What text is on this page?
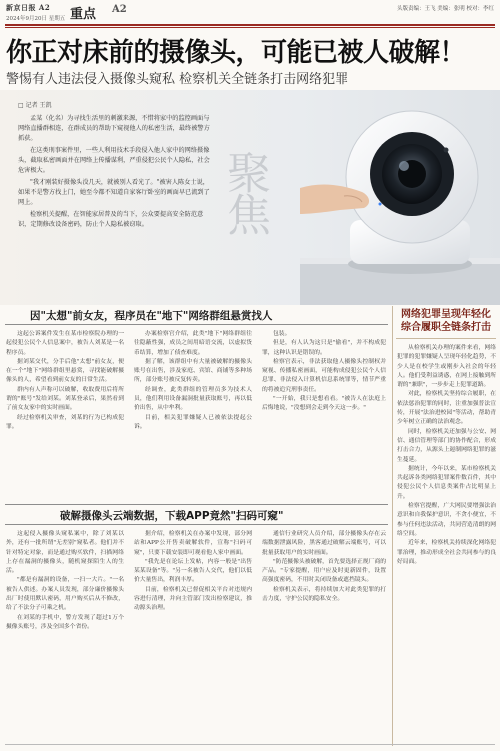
新京日报 A2
2024年9月20日 星期五 重点 A2	头版责编：王飞 美编：张明 校对：李红
你正对床前的摄像头，可能已被人破解！
警惕有人违法侵入摄像头窥私 检察机关全链条打击网络犯罪
□ 记者 王凯

孟某（化名）为寻找生活里的刺激来源，不惜将家中的监控画面与网络直播群相连，在群成员的帮助下窥视他人的私密生活，最终被警方抓获。

在这类刑事案件里，一些人利用技术手段侵入他人家中的网络摄像头，截取私密画面并在网络上传播谋利，严重侵犯公民个人隐私，社会危害极大。

"我才刚装好摄像头没几天，就被别人看光了。"被害人陈女士说，如果不是警方找上门，她至今都不知道自家客厅卧室的画面早已流到了网上。

检察机关提醒，在智能家居普及的当下，公众要提高安全防范意识，定期修改设备密码，防止个人隐私被窃取。	聚焦
因"太想"前女友，程序员在"地下"网络群组悬赏找人

这起公诉案件发生在某市检察院办理的一起侵犯公民个人信息案中，被告人刘某是一名程序员。

据刘某交代，分手后他"太想"前女友，便在一个"地下"网络群组里悬赏，寻找能破解摄像头的人，希望看到前女友的日常生活。

群内有人声称可以破解，收取费用后将所谓的"账号"发给刘某。刘某登录后，果然看到了前女友家中的实时画面。

经过检察机关审查，刘某的行为已构成犯罪。

办案检察官介绍，此类"地下"网络群组往往隐蔽性强，成员之间用暗语交流，以虚拟货币结算，增加了侦查难度。

据了解，该群组中有大量被破解的摄像头账号在出售，涉及家庭、宾馆、商铺等多种场所，部分账号被反复转卖。

经调查，此类群组的管理员多为技术人员，他们利用设备漏洞批量获取账号，再以低价出售，从中牟利。

目前，相关犯罪嫌疑人已被依法提起公诉。

包装。

但是，有人认为这只是"偷看"，并不构成犯罪，这种认识是错误的。

检察官表示，非法获取他人摄像头控制权并窥视、传播私密画面，可能构成侵犯公民个人信息罪、非法侵入计算机信息系统罪等，情节严重的将被追究刑事责任。

"一开始，我只是想看看。"被告人在法庭上后悔地说，"没想到会走到今天这一步。"

破解摄像头云端数据，下载APP竟然"扫码可窥"

这起侵入摄像头窥私案中，除了刘某以外，还有一批所谓"无差别"窥私者。他们并不针对特定对象，而是通过购买软件，扫描网络上存在漏洞的摄像头，随机窥探陌生人的生活。

"都是有漏洞的设备，一扫一大片。"一名被告人供述。办案人员发现，部分廉价摄像头出厂时使用默认密码，用户购买后从不修改，给了不法分子可乘之机。

在刘某的手机中，警方发现了超过1万个摄像头账号，涉及全国多个省份。

据介绍，检察机关在办案中发现，部分网站和APP公开售卖破解软件，宣称"扫码可窥"，只要下载安装即可观看他人家中画面。

"我先是在论坛上发帖，内容一般是"出售某某设备"等。"另一名被告人交代，他们以低价大量售出，利润丰厚。

目前，检察机关已督促相关平台对违规内容进行清理，并向主管部门发出检察建议，推动源头治理。

通信行业研究人员介绍，部分摄像头存在云端数据泄露风险，黑客通过破解云端账号，可以批量获取用户的实时画面。

"防范摄像头被破解，首先要选择正规厂商的产品。"专家提醒，用户应及时更新固件，设置高强度密码，不用时关闭设备或遮挡镜头。

检察机关表示，将持续加大对此类犯罪的打击力度，守护公民的隐私安全。

网络犯罪呈现年轻化
综合履职全链条打击

从检察机关办理的案件来看，网络犯罪的犯罪嫌疑人呈现年轻化趋势，不少人是在校学生或刚步入社会的年轻人。他们受利益诱惑，在网上接触到所谓的"兼职"，一步步走上犯罪道路。

对此，检察机关坚持综合履职，在依法惩治犯罪的同时，注重加强普法宣传，开展"法治进校园"等活动，帮助青少年树立正确的法治观念。

同时，检察机关还加强与公安、网信、通信管理等部门的协作配合，形成打击合力，从源头上遏制网络犯罪的滋生蔓延。

据统计，今年以来，某市检察机关共起诉各类网络犯罪案件数百件，其中侵犯公民个人信息类案件占比明显上升。

检察官提醒，广大网民要增强法治意识和自我保护意识，不贪小便宜，不参与任何违法活动，共同营造清朗的网络空间。

近年来，检察机关持续深化网络犯罪治理，推动形成全社会共同参与的良好局面。
